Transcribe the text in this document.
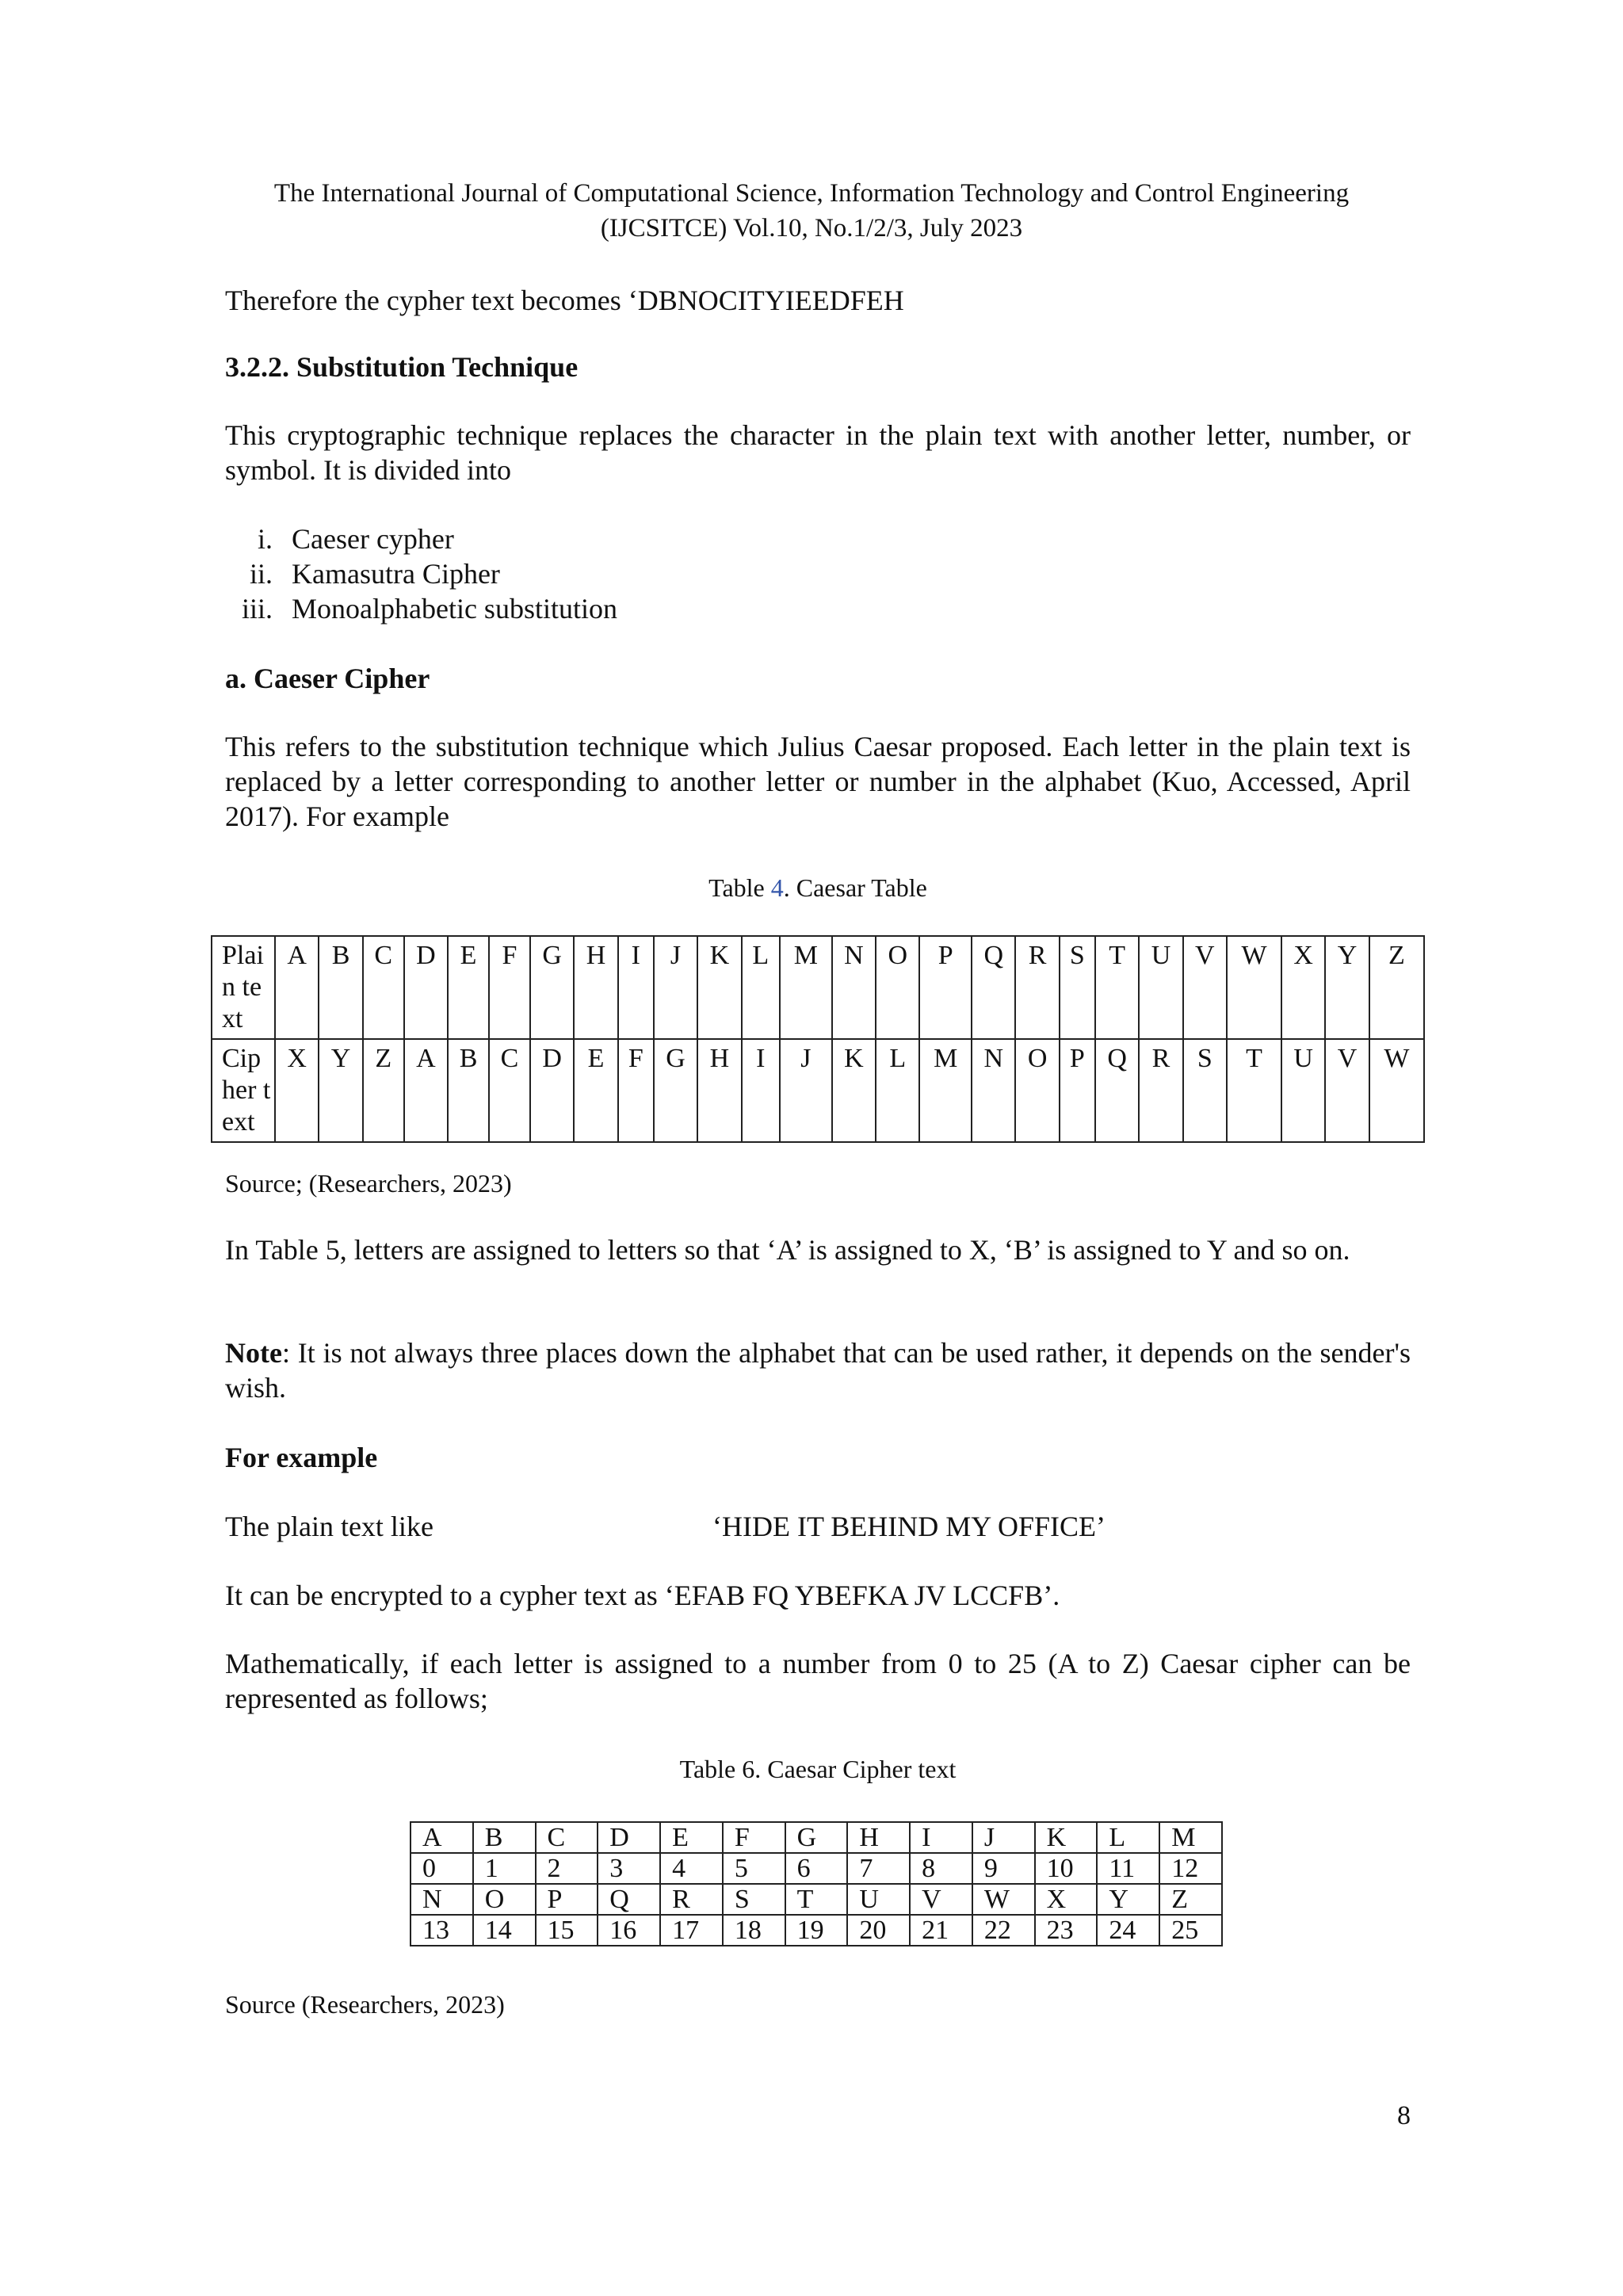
The International Journal of Computational Science, Information Technology and Control Engineering
(IJCSITCE) Vol.10, No.1/2/3, July 2023
Therefore the cypher text becomes ‘DBNOCITYIEEDFEH
3.2.2. Substitution Technique
This cryptographic technique replaces the character in the plain text with another letter, number, or symbol. It is divided into
i. Caeser cypher
ii. Kamasutra Cipher
iii. Monoalphabetic substitution
a. Caeser Cipher
This refers to the substitution technique which Julius Caesar proposed. Each letter in the plain text is replaced by a letter corresponding to another letter or number in the alphabet (Kuo, Accessed, April 2017). For example
Table 4. Caesar Table
Plain text	A	B	C	D	E	F	G	H	I	J	K	L	M	N	O	P	Q	R	S	T	U	V	W	X	Y	Z
Cipher text	X	Y	Z	A	B	C	D	E	F	G	H	I	J	K	L	M	N	O	P	Q	R	S	T	U	V	W
Source; (Researchers, 2023)
In Table 5, letters are assigned to letters so that ‘A’ is assigned to X, ‘B’ is assigned to Y and so on.
Note: It is not always three places down the alphabet that can be used rather, it depends on the sender's wish.
For example
The plain text like	‘HIDE IT BEHIND MY OFFICE’
It can be encrypted to a cypher text as ‘EFAB FQ YBEFKA JV LCCFB’.
Mathematically, if each letter is assigned to a number from 0 to 25 (A to Z) Caesar cipher can be represented as follows;
Table 6. Caesar Cipher text
A	B	C	D	E	F	G	H	I	J	K	L	M
0	1	2	3	4	5	6	7	8	9	10	11	12
N	O	P	Q	R	S	T	U	V	W	X	Y	Z
13	14	15	16	17	18	19	20	21	22	23	24	25
Source (Researchers, 2023)
8
